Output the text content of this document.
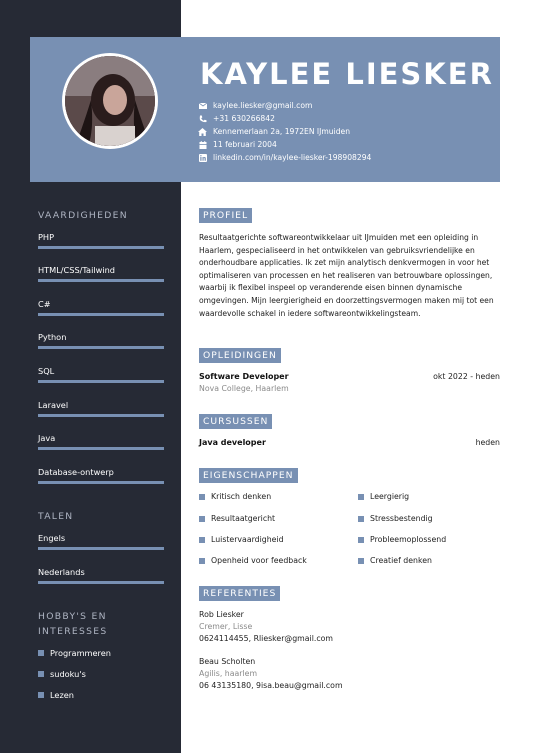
KAYLEE LIESKER
kaylee.liesker@gmail.com
+31 630266842
Kennemerlaan 2a, 1972EN IJmuiden
11 februari 2004
linkedin.com/in/kaylee-liesker-198908294
VAARDIGHEDEN
PHP
HTML/CSS/Tailwind
C#
Python
SQL
Laravel
Java
Database-ontwerp
TALEN
Engels
Nederlands
HOBBY'S EN
INTERESSES
Programmeren
sudoku's
Lezen
PROFIEL
Resultaatgerichte softwareontwikkelaar uit IJmuiden met een opleiding in Haarlem, gespecialiseerd in het ontwikkelen van gebruiksvriendelijke en onderhoudbare applicaties. Ik zet mijn analytisch denkvermogen in voor het optimaliseren van processen en het realiseren van betrouwbare oplossingen, waarbij ik flexibel inspeel op veranderende eisen binnen dynamische omgevingen. Mijn leergierigheid en doorzettingsvermogen maken mij tot een waardevolle schakel in iedere softwareontwikkelingsteam.
OPLEIDINGEN
Software Developer	okt 2022 - heden
Nova College, Haarlem
CURSUSSEN
Java developer	heden
EIGENSCHAPPEN
Kritisch denken
Resultaatgericht
Luistervaardigheid
Openheid voor feedback
Leergierig
Stressbestendig
Probleemoplossend
Creatief denken
REFERENTIES
Rob Liesker
Cremer, Lisse
0624114455, Rliesker@gmail.com
Beau Scholten
Agilis, haarlem
06 43135180, 9isa.beau@gmail.com
